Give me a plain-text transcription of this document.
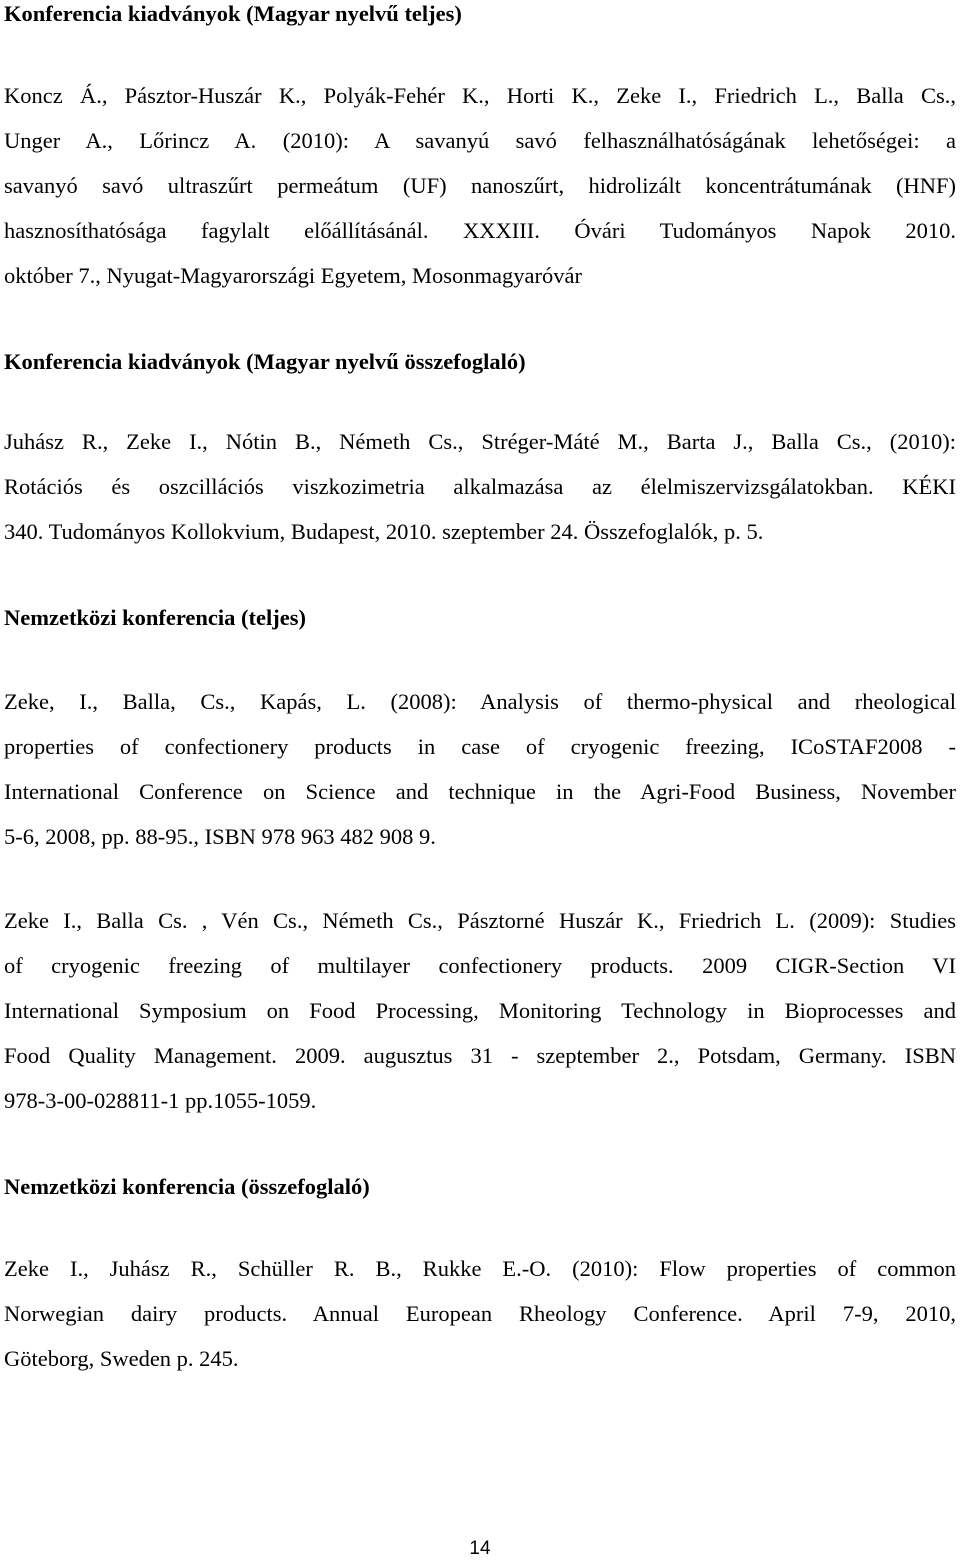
Konferencia kiadványok (Magyar nyelvű teljes)
Koncz Á., Pásztor-Huszár K., Polyák-Fehér K., Horti K., Zeke I., Friedrich L., Balla Cs.,
Unger A., Lőrincz A. (2010): A savanyú savó felhasználhatóságának lehetőségei: a
savanyó savó ultraszűrt permeátum (UF) nanoszűrt, hidrolizált koncentrátumának (HNF)
hasznosíthatósága fagylalt előállításánál. XXXIII. Óvári Tudományos Napok 2010.
október 7., Nyugat-Magyarországi Egyetem, Mosonmagyaróvár
Konferencia kiadványok (Magyar nyelvű összefoglaló)
Juhász R., Zeke I., Nótin B., Németh Cs., Stréger-Máté M., Barta J., Balla Cs., (2010):
Rotációs és oszcillációs viszkozimetria alkalmazása az élelmiszervizsgálatokban. KÉKI
340. Tudományos Kollokvium, Budapest, 2010. szeptember 24. Összefoglalók, p. 5.
Nemzetközi konferencia (teljes)
Zeke, I., Balla, Cs., Kapás, L. (2008): Analysis of thermo-physical and rheological
properties of confectionery products in case of cryogenic freezing, ICoSTAF2008 -
International Conference on Science and technique in the Agri-Food Business, November
5-6, 2008, pp. 88-95., ISBN 978 963 482 908 9.
Zeke I., Balla Cs. , Vén Cs., Németh Cs., Pásztorné Huszár K., Friedrich L. (2009): Studies
of cryogenic freezing of multilayer confectionery products. 2009 CIGR-Section VI
International Symposium on Food Processing, Monitoring Technology in Bioprocesses and
Food Quality Management. 2009. augusztus 31 - szeptember 2., Potsdam, Germany. ISBN
978-3-00-028811-1 pp.1055-1059.
Nemzetközi konferencia (összefoglaló)
Zeke I., Juhász R., Schüller R. B., Rukke E.-O. (2010): Flow properties of common
Norwegian dairy products. Annual European Rheology Conference. April 7-9, 2010,
Göteborg, Sweden p. 245.
14
